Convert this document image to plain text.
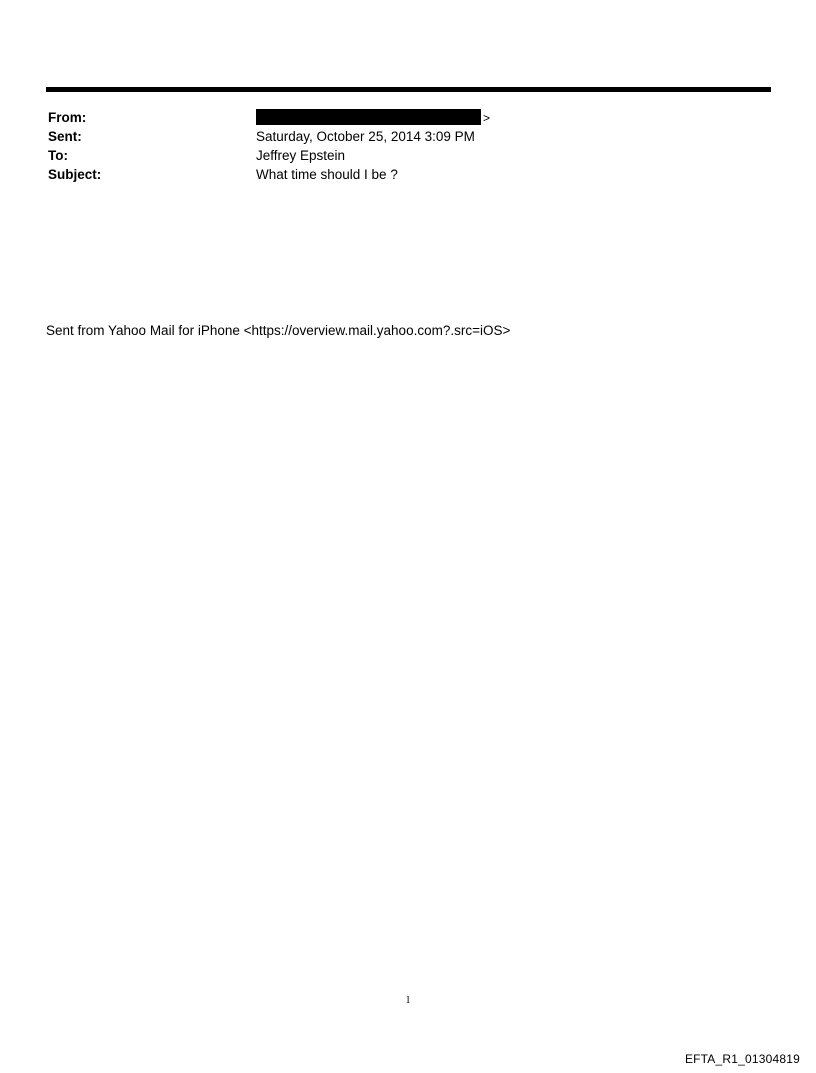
From:	>
Sent:	Saturday, October 25, 2014 3:09 PM
To:	Jeffrey Epstein
Subject:	What time should I be ?
Sent from Yahoo Mail for iPhone <https://overview.mail.yahoo.com?.src=iOS>
1
EFTA_R1_01304819
